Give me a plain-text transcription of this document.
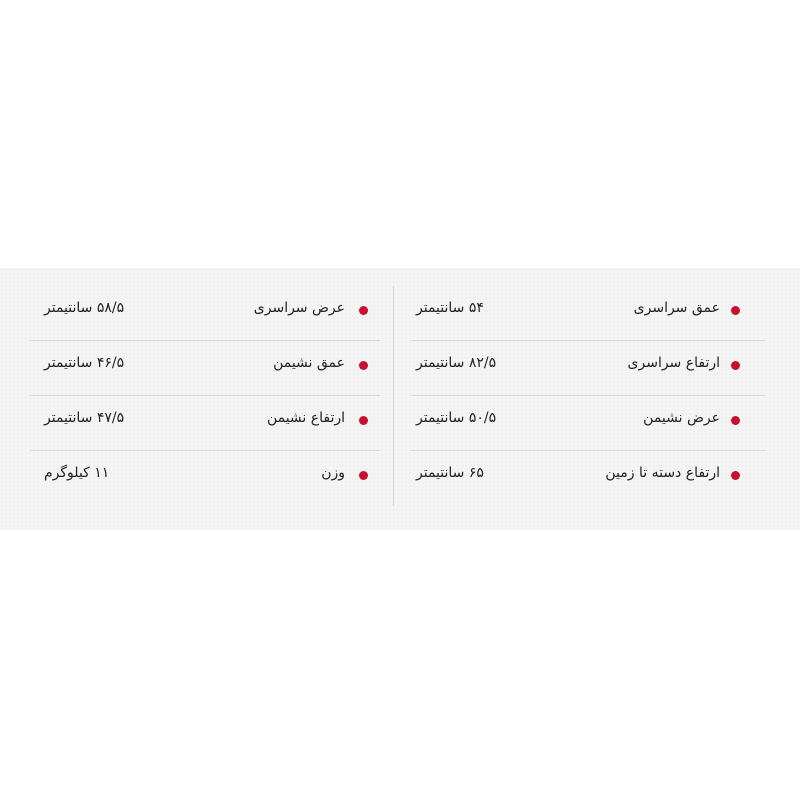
عمق سراسری
۵۴ سانتیمتر
ارتفاع سراسری
۸۲/۵ سانتیمتر
عرض نشیمن
۵۰/۵ سانتیمتر
ارتفاع دسته تا زمین
۶۵ سانتیمتر
عرض سراسری
۵۸/۵ سانتیمتر
عمق نشیمن
۴۶/۵ سانتیمتر
ارتفاع نشیمن
۴۷/۵ سانتیمتر
وزن
۱۱ کیلوگرم
